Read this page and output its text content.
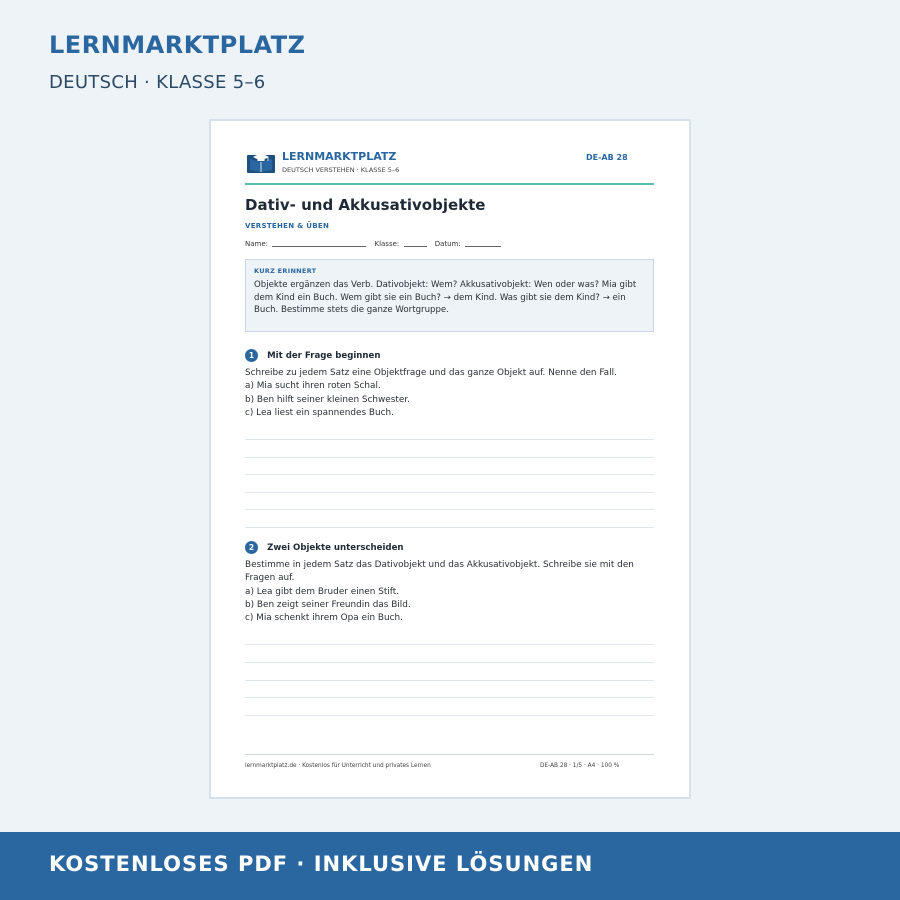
LERNMARKTPLATZ
DEUTSCH · KLASSE 5–6
LERNMARKTPLATZ
DEUTSCH VERSTEHEN · KLASSE 5–6
DE-AB 28
Dativ- und Akkusativobjekte
VERSTEHEN & ÜBEN
Name:	Klasse:	Datum:
KURZ ERINNERT
Objekte ergänzen das Verb. Dativobjekt: Wem? Akkusativobjekt: Wen oder was? Mia gibt dem Kind ein Buch. Wem gibt sie ein Buch? → dem Kind. Was gibt sie dem Kind? → ein Buch. Bestimme stets die ganze Wortgruppe.
1 Mit der Frage beginnen
Schreibe zu jedem Satz eine Objektfrage und das ganze Objekt auf. Nenne den Fall.
a) Mia sucht ihren roten Schal.
b) Ben hilft seiner kleinen Schwester.
c) Lea liest ein spannendes Buch.
2 Zwei Objekte unterscheiden
Bestimme in jedem Satz das Dativobjekt und das Akkusativobjekt. Schreibe sie mit den Fragen auf.
a) Lea gibt dem Bruder einen Stift.
b) Ben zeigt seiner Freundin das Bild.
c) Mia schenkt ihrem Opa ein Buch.
lernmarktplatz.de · Kostenlos für Unterricht und privates Lernen	DE-AB 28 · 1/5 · A4 · 100 %
KOSTENLOSES PDF · INKLUSIVE LÖSUNGEN
